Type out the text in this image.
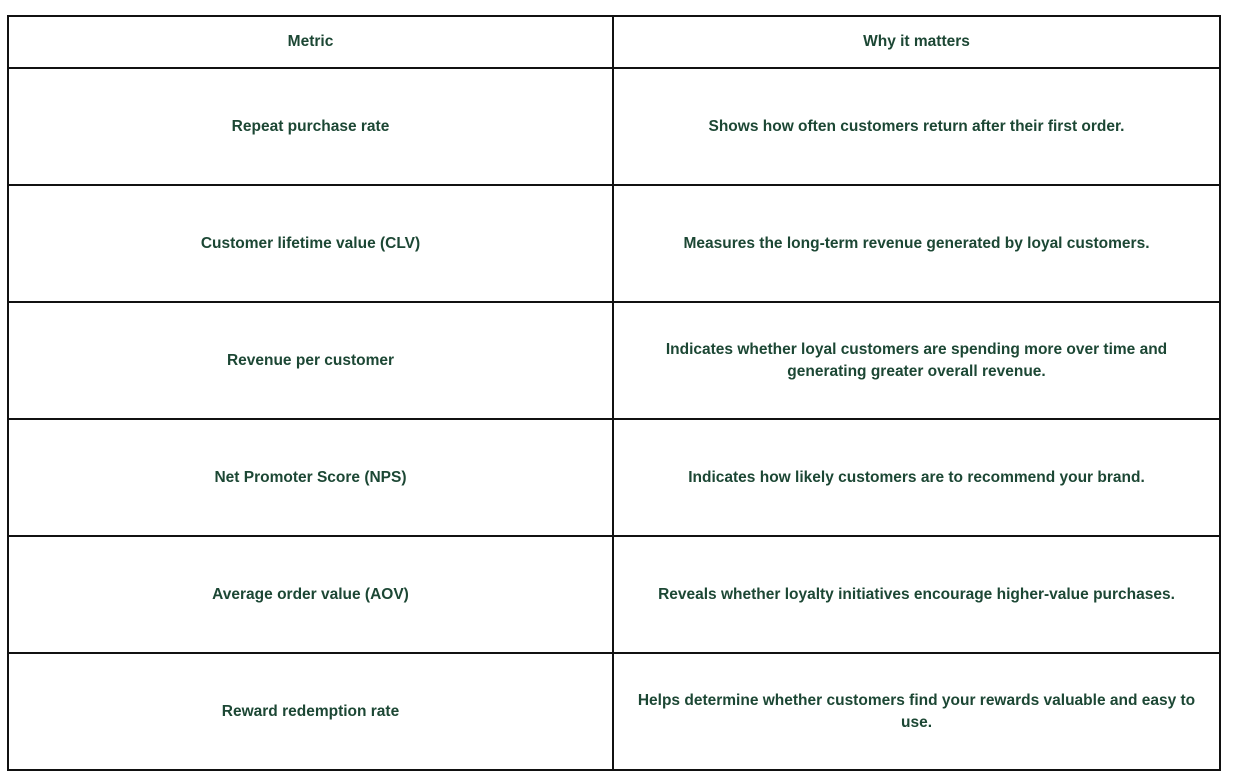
Metric	Why it matters
Repeat purchase rate	Shows how often customers return after their first order.
Customer lifetime value (CLV)	Measures the long-term revenue generated by loyal customers.
Revenue per customer	Indicates whether loyal customers are spending more over time and generating greater overall revenue.
Net Promoter Score (NPS)	Indicates how likely customers are to recommend your brand.
Average order value (AOV)	Reveals whether loyalty initiatives encourage higher-value purchases.
Reward redemption rate	Helps determine whether customers find your rewards valuable and easy to use.
